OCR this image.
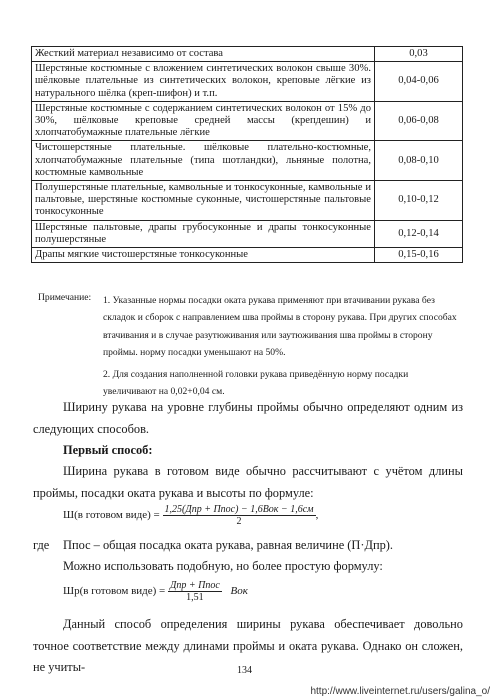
Жесткий материал независимо от состава	0,03
Шерстяные костюмные с вложением синтетических волокон свыше 30%. шёлковые плательные из синтетических волокон, креповые лёгкие из натурального шёлка (креп-шифон) и т.п.	0,04-0,06
Шерстяные костюмные с содержанием синтетических волокон от 15% до 30%, шёлковые креповые средней массы (крепдешин) и хлопчатобумажные плательные лёгкие	0,06-0,08
Чистошерстяные плательные. шёлковые плательно-костюмные, хлопчатобумажные плательные (типа шотландки), льняные полотна, костюмные камвольные	0,08-0,10
Полушерстяные плательные, камвольные и тонкосуконные, камвольные и пальтовые, шерстяные костюмные суконные, чистошерстяные пальтовые тонкосуконные	0,10-0,12
Шерстяные пальтовые, драпы грубосуконные и драпы тонкосуконные полушерстяные	0,12-0,14
Драпы мягкие чистошерстяные тонкосуконные	0,15-0,16
Примечание: 1. Указанные нормы посадки оката рукава применяют при втачивании рукава без складок и сборок с направлением шва проймы в сторону рукава. При других способах втачивания и в случае разутюживания или заутюживания шва проймы в сторону проймы. норму посадки уменьшают на 50%.

2. Для создания наполненной головки рукава приведённую норму посадки увеличивают на 0,02+0,04 см.

Ширину рукава на уровне глубины проймы обычно определяют одним из следующих способов.
Первый способ:
Ширина рукава в готовом виде обычно рассчитывают с учётом длины проймы, посадки оката рукава и высоты по формуле:
Ш(в готовом виде) = $\frac{\text{1,25(Дпр + Ппос) − 1,6Вок − 1,6см}}{2}$ ,
где Ппос – общая посадка оката рукава, равная величине (П·Дпр).
Можно использовать подобную, но более простую формулу:
Шр(в готовом виде) = $\frac{\text{Дпр + Ппос}}{1,51}$ Вок
Данный способ определения ширины рукава обеспечивает довольно точное соответствие между длинами проймы и оката рукава. Однако он сложен, не учиты-	134
http://www.liveinternet.ru/users/galina_o/
